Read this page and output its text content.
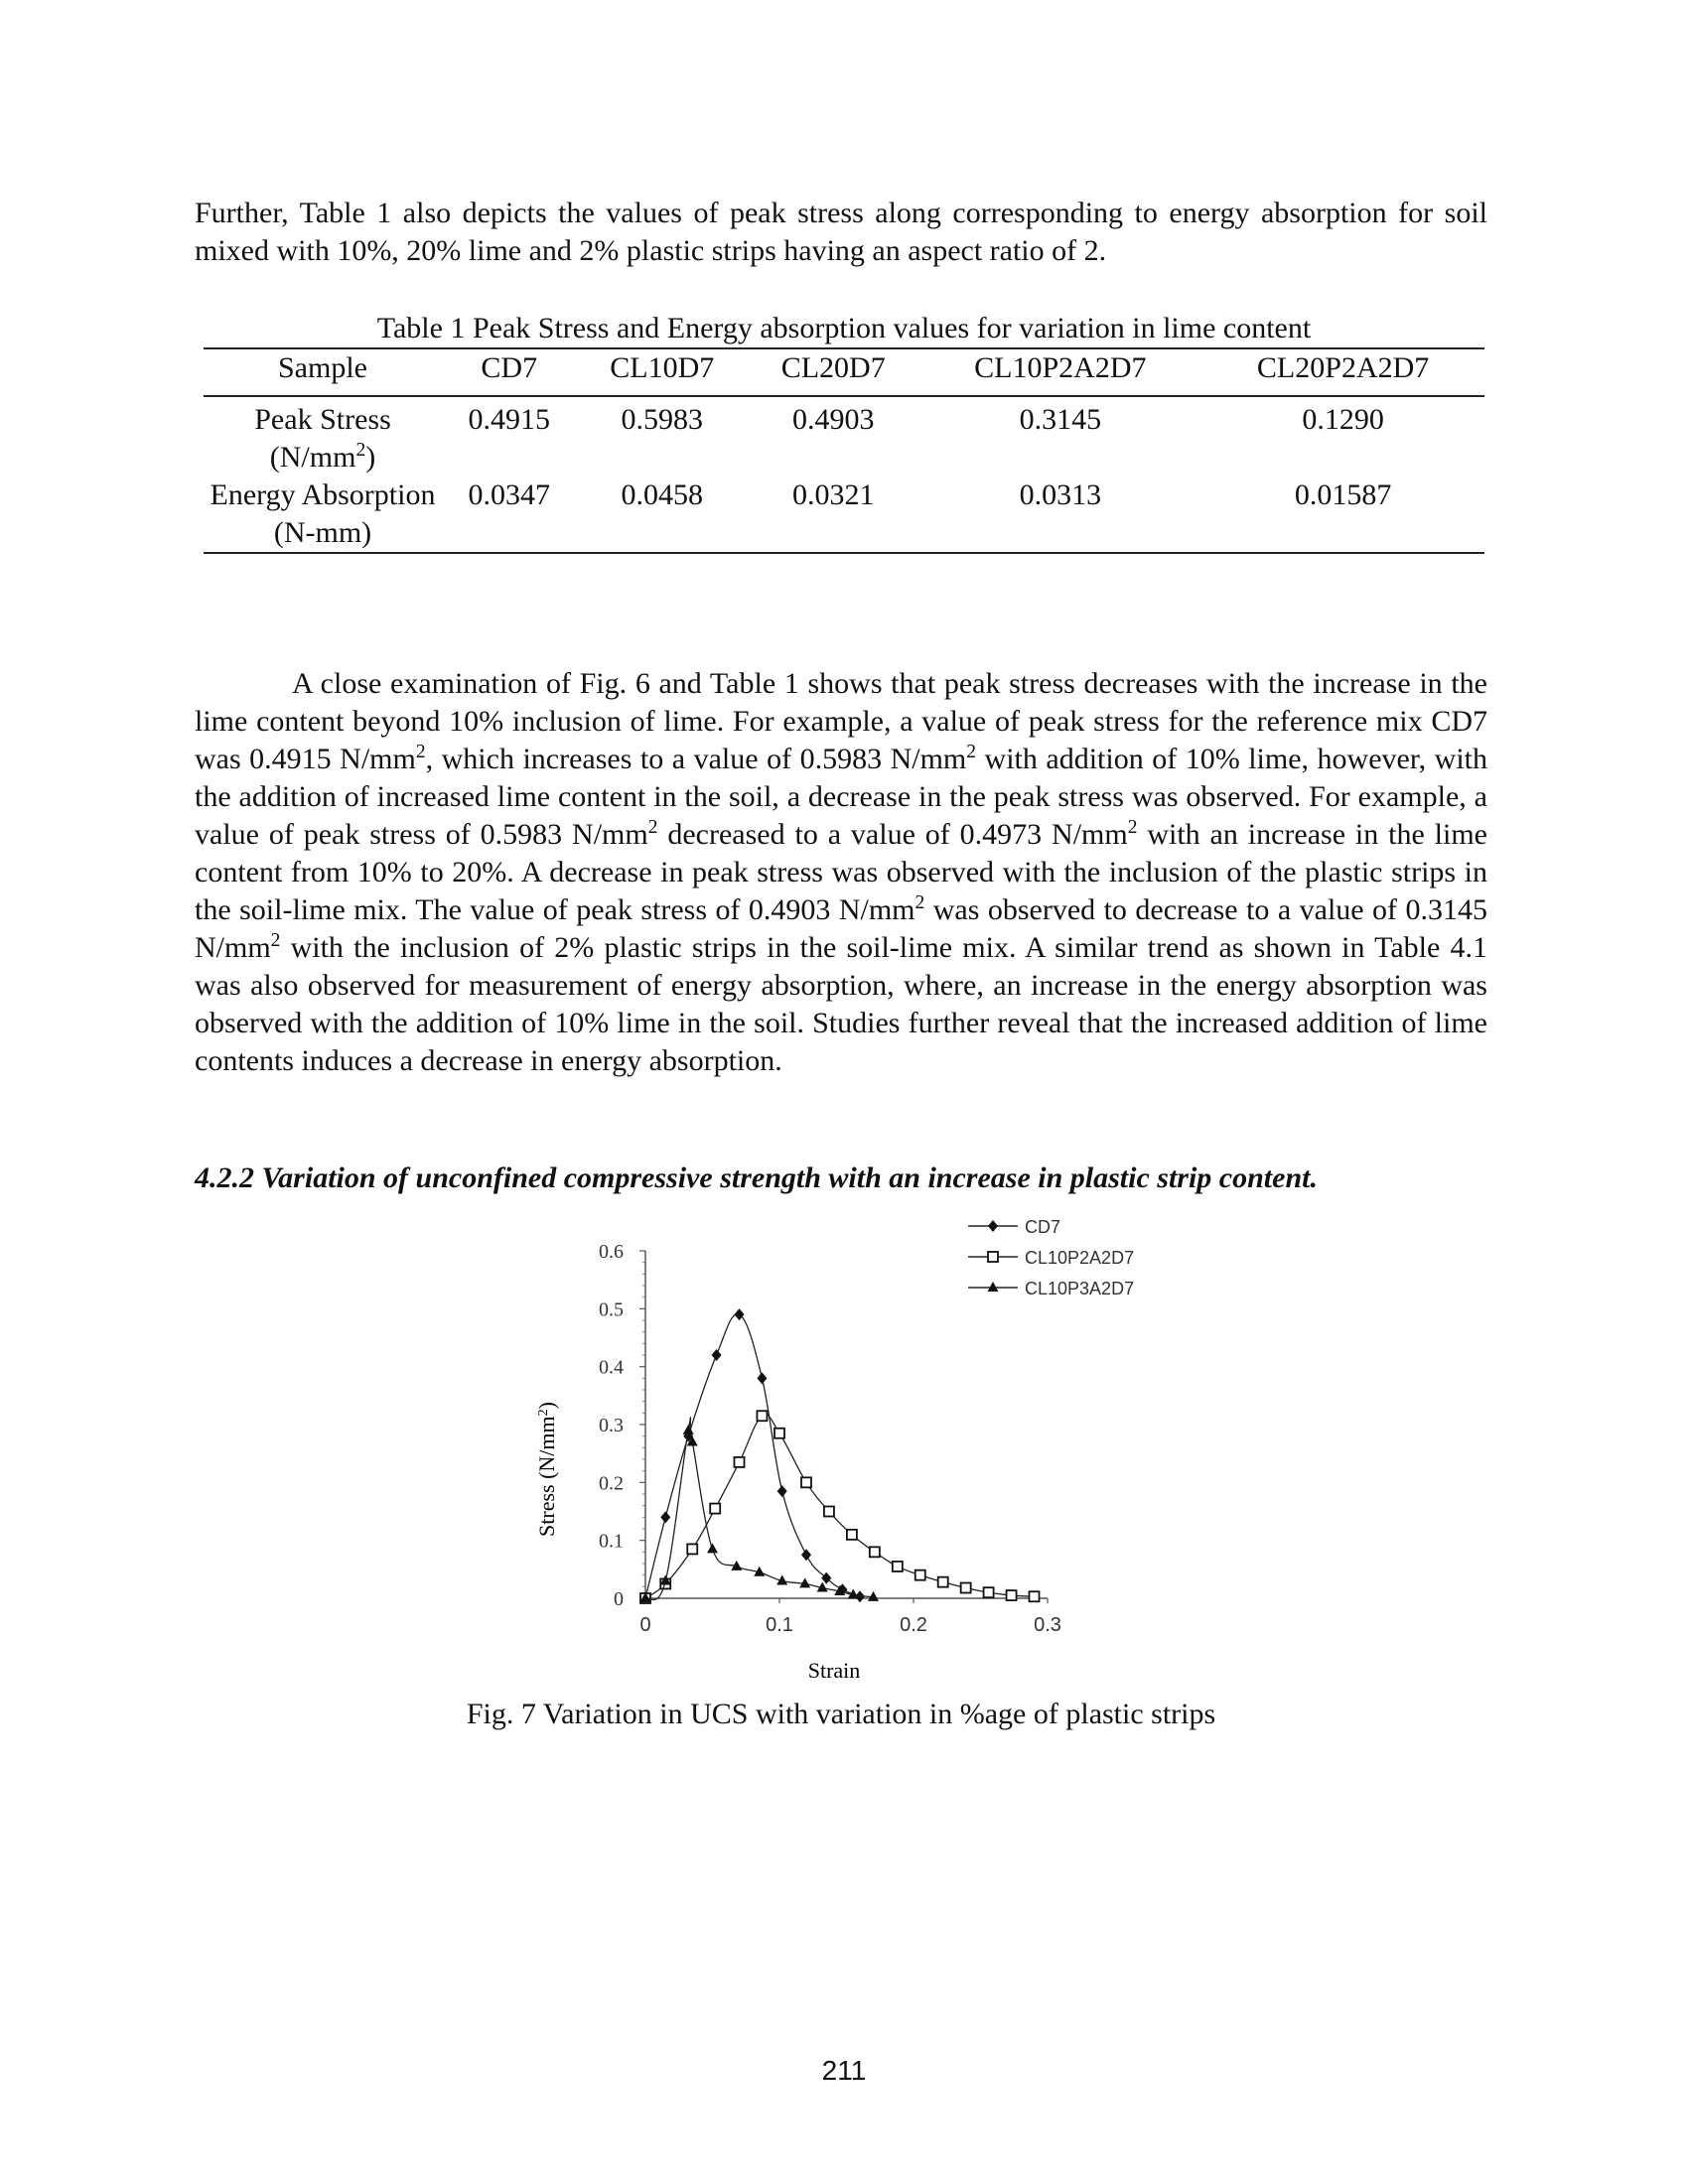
Further, Table 1 also depicts the values of peak stress along corresponding to energy absorption for soil mixed with 10%, 20% lime and 2% plastic strips having an aspect ratio of 2.

Table 1 Peak Stress and Energy absorption values for variation in lime content

Sample	CD7	CL10D7	CL20D7	CL10P2A2D7	CL20P2A2D7
Peak Stress $(N/mm^2)$	0.4915	0.5983	0.4903	0.3145	0.1290
Energy Absorption (N-mm)	0.0347	0.0458	0.0321	0.0313	0.01587

A close examination of Fig. 6 and Table 1 shows that peak stress decreases with the increase in the lime content beyond 10% inclusion of lime. For example, a value of peak stress for the reference mix CD7 was 0.4915 $N/mm^2$, which increases to a value of 0.5983 $N/mm^2$ with addition of 10% lime, however, with the addition of increased lime content in the soil, a decrease in the peak stress was observed. For example, a value of peak stress of 0.5983 $N/mm^2$ decreased to a value of 0.4973 $N/mm^2$ with an increase in the lime content from 10% to 20%. A decrease in peak stress was observed with the inclusion of the plastic strips in the soil-lime mix. The value of peak stress of 0.4903 $N/mm^2$ was observed to decrease to a value of 0.3145 $N/mm^2$ with the inclusion of 2% plastic strips in the soil-lime mix. A similar trend as shown in Table 4.1 was also observed for measurement of energy absorption, where, an increase in the energy absorption was observed with the addition of 10% lime in the soil. Studies further reveal that the increased addition of lime contents induces a decrease in energy absorption.

4.2.2 Variation of unconfined compressive strength with an increase in plastic strip content.

0
0.1
0.2
0.3
0.4
0.5
0.6
0	0.1	0.2	0.3
CD7
CL10P2A2D7
CL10P3A2D7
Strain
Stress $(N/mm^2)$

Fig. 7 Variation in UCS with variation in %age of plastic strips

211
